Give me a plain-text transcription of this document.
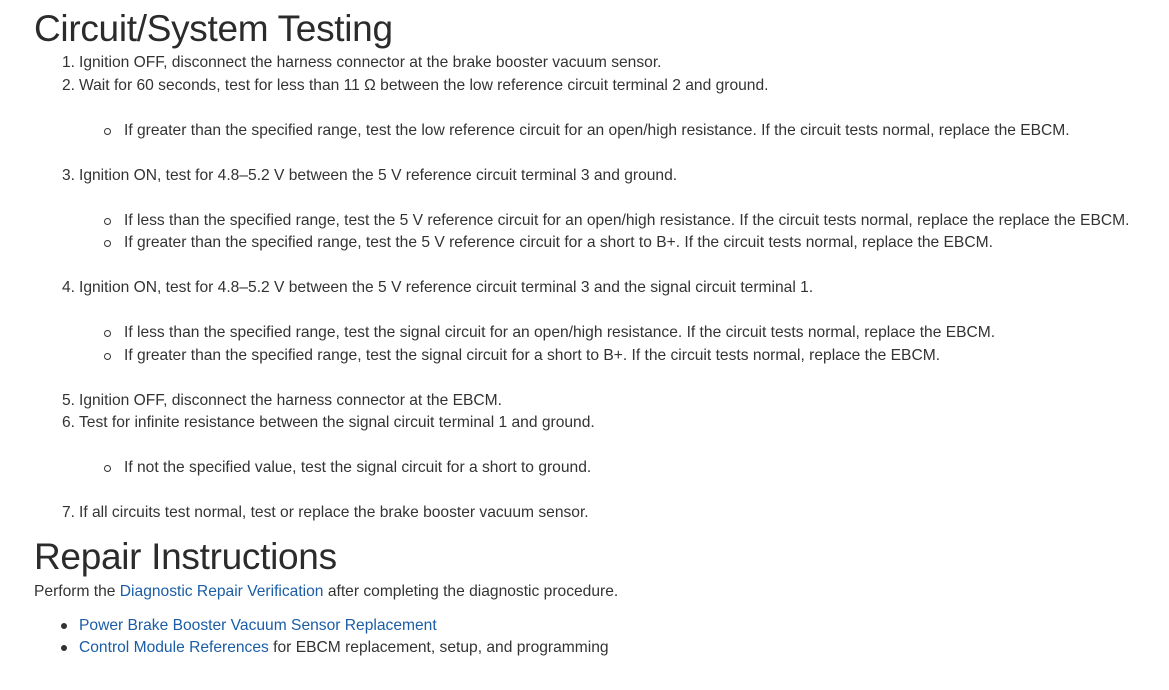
Circuit/System Testing
1. Ignition OFF, disconnect the harness connector at the brake booster vacuum sensor.
2. Wait for 60 seconds, test for less than 11 Ω between the low reference circuit terminal 2 and ground.
If greater than the specified range, test the low reference circuit for an open/high resistance. If the circuit tests normal, replace the EBCM.
3. Ignition ON, test for 4.8–5.2 V between the 5 V reference circuit terminal 3 and ground.
If less than the specified range, test the 5 V reference circuit for an open/high resistance. If the circuit tests normal, replace the replace the EBCM.
If greater than the specified range, test the 5 V reference circuit for a short to B+. If the circuit tests normal, replace the EBCM.
4. Ignition ON, test for 4.8–5.2 V between the 5 V reference circuit terminal 3 and the signal circuit terminal 1.
If less than the specified range, test the signal circuit for an open/high resistance. If the circuit tests normal, replace the EBCM.
If greater than the specified range, test the signal circuit for a short to B+. If the circuit tests normal, replace the EBCM.
5. Ignition OFF, disconnect the harness connector at the EBCM.
6. Test for infinite resistance between the signal circuit terminal 1 and ground.
If not the specified value, test the signal circuit for a short to ground.
7. If all circuits test normal, test or replace the brake booster vacuum sensor.
Repair Instructions
Perform the Diagnostic Repair Verification after completing the diagnostic procedure.
Power Brake Booster Vacuum Sensor Replacement
Control Module References for EBCM replacement, setup, and programming
